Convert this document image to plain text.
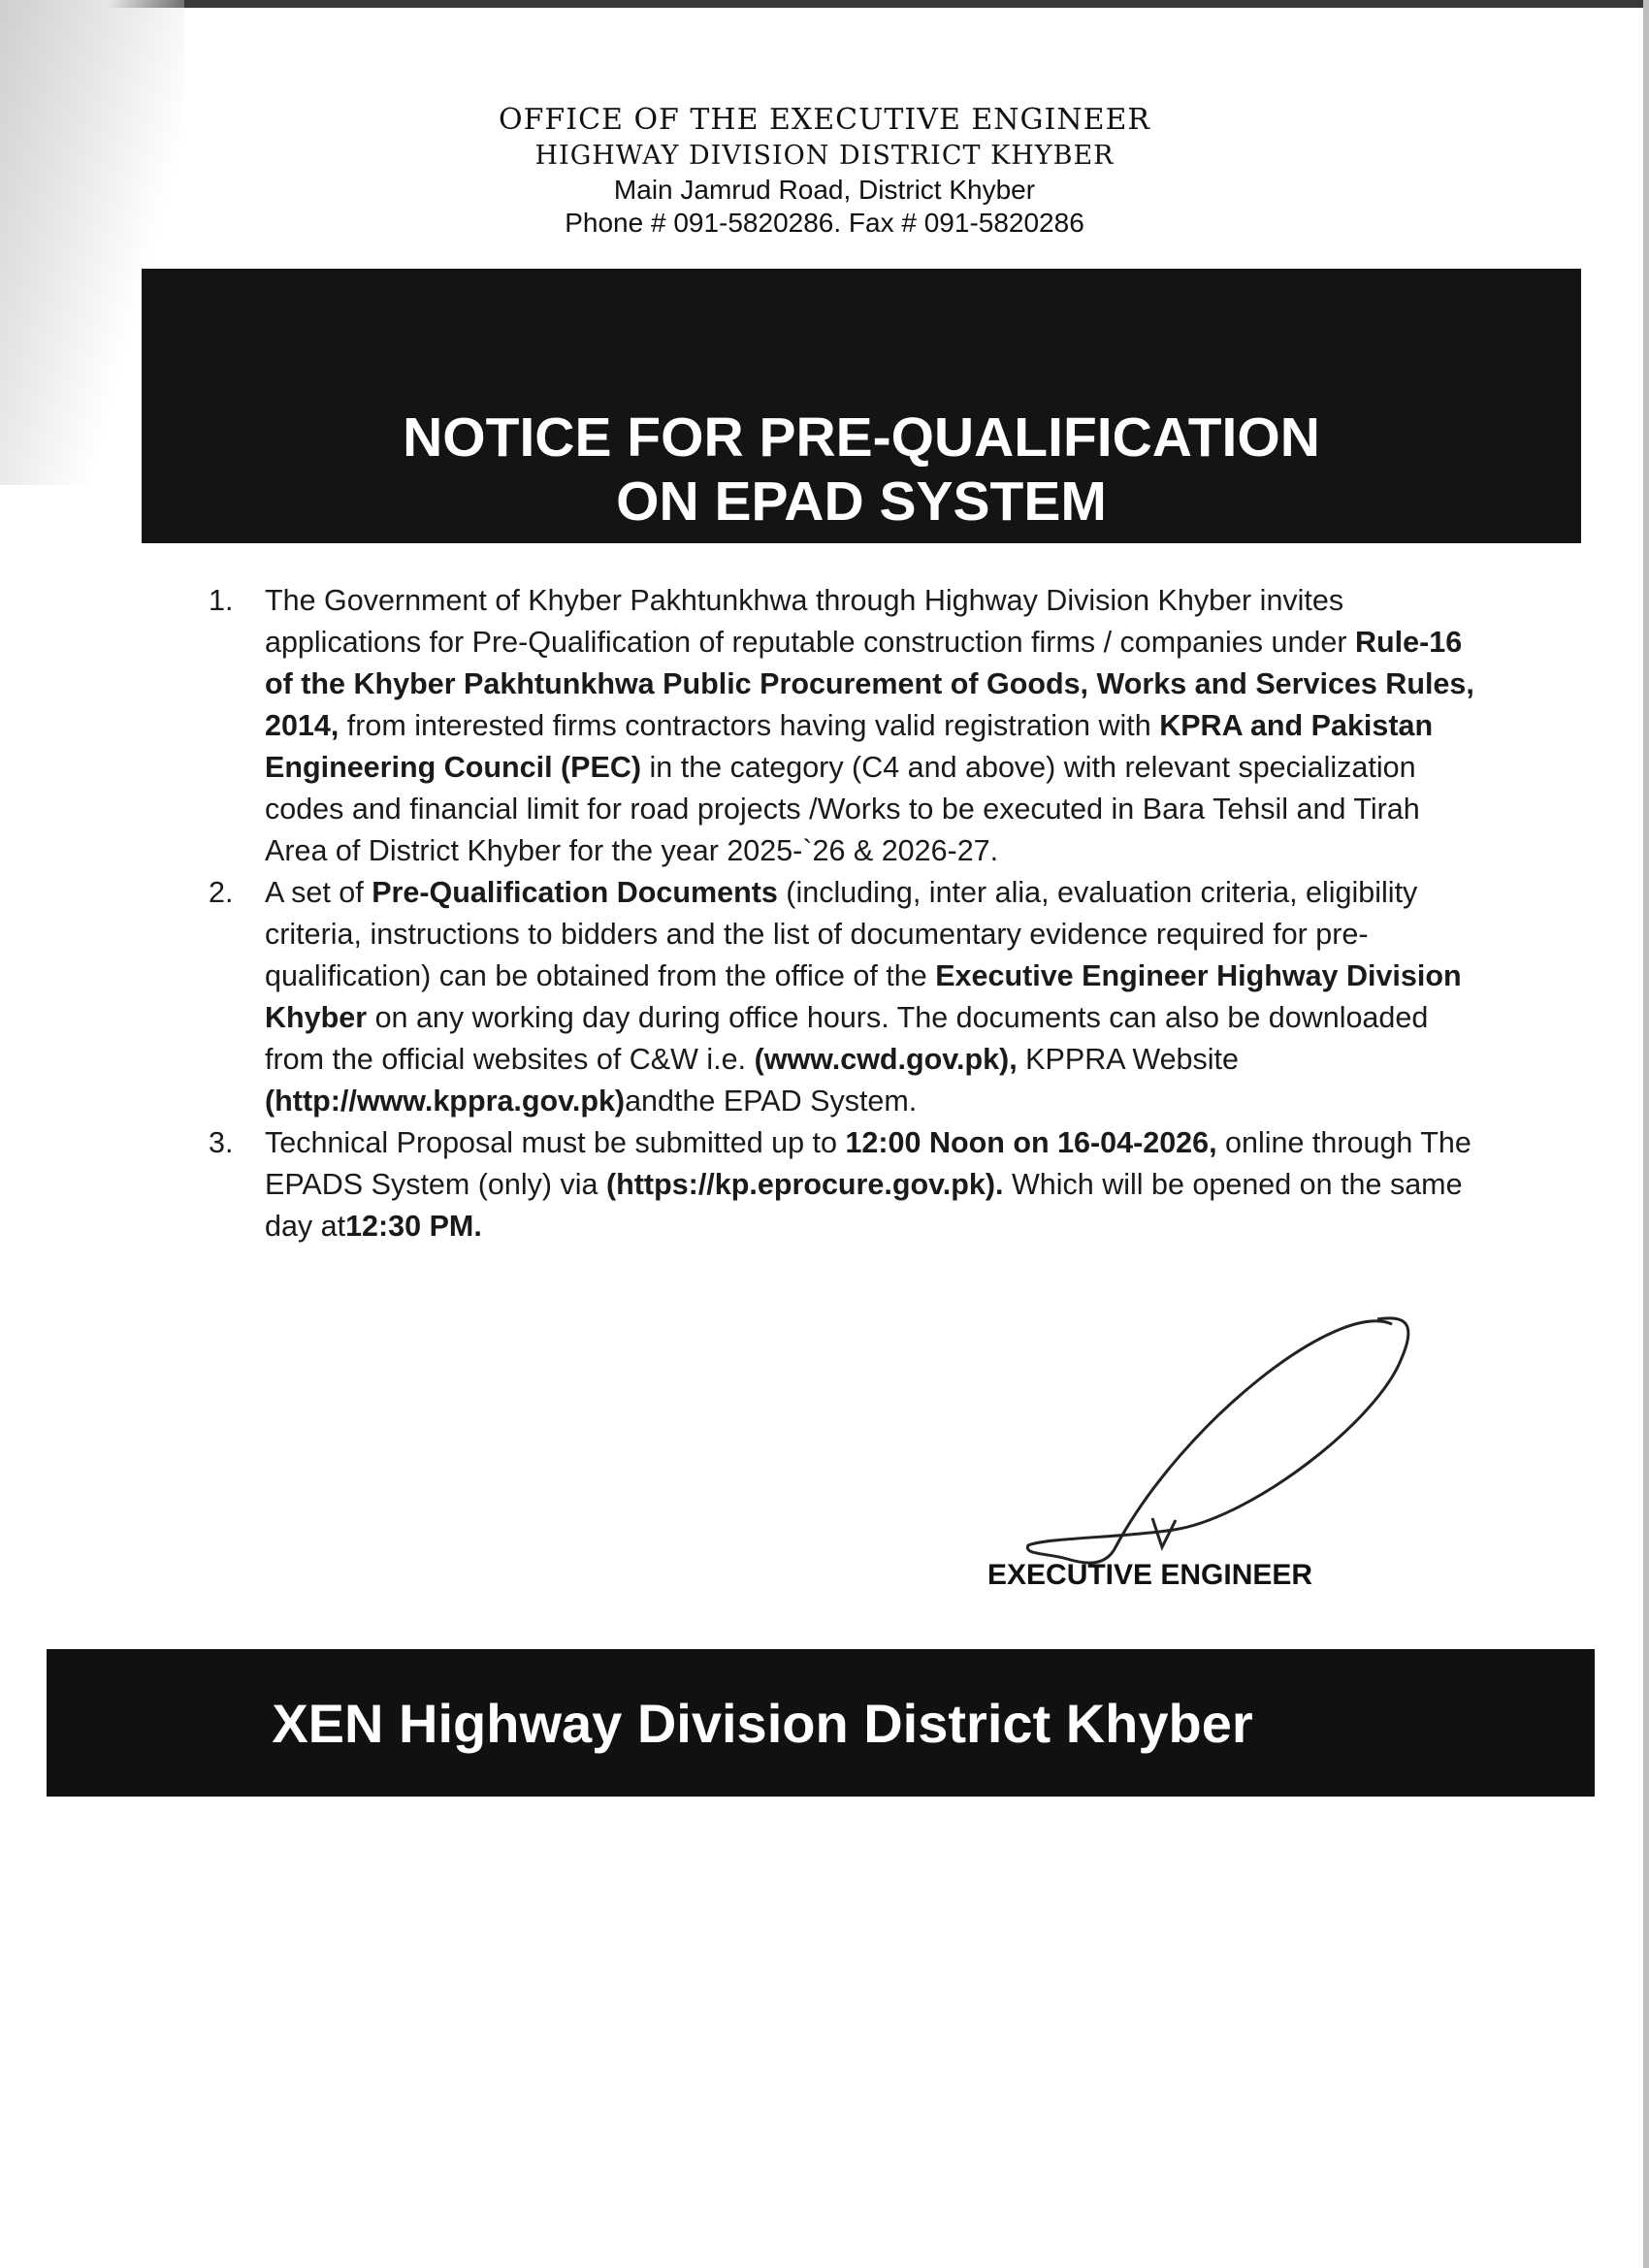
OFFICE OF THE EXECUTIVE ENGINEER
HIGHWAY DIVISION DISTRICT KHYBER
Main Jamrud Road, District Khyber
Phone # 091-5820286. Fax # 091-5820286
NOTICE FOR PRE-QUALIFICATION
ON EPAD SYSTEM
1. The Government of Khyber Pakhtunkhwa through Highway Division Khyber invites applications for Pre-Qualification of reputable construction firms / companies under Rule-16 of the Khyber Pakhtunkhwa Public Procurement of Goods, Works and Services Rules, 2014, from interested firms contractors having valid registration with KPRA and Pakistan Engineering Council (PEC) in the category (C4 and above) with relevant specialization codes and financial limit for road projects /Works to be executed in Bara Tehsil and Tirah Area of District Khyber for the year 2025-`26 & 2026-27.
2. A set of Pre-Qualification Documents (including, inter alia, evaluation criteria, eligibility criteria, instructions to bidders and the list of documentary evidence required for pre-qualification) can be obtained from the office of the Executive Engineer Highway Division Khyber on any working day during office hours. The documents can also be downloaded from the official websites of C&W i.e. (www.cwd.gov.pk), KPPRA Website (http://www.kppra.gov.pk)andthe EPAD System.
3. Technical Proposal must be submitted up to 12:00 Noon on 16-04-2026, online through The EPADS System (only) via (https://kp.eprocure.gov.pk). Which will be opened on the same day at12:30 PM.
EXECUTIVE ENGINEER
XEN Highway Division District Khyber
